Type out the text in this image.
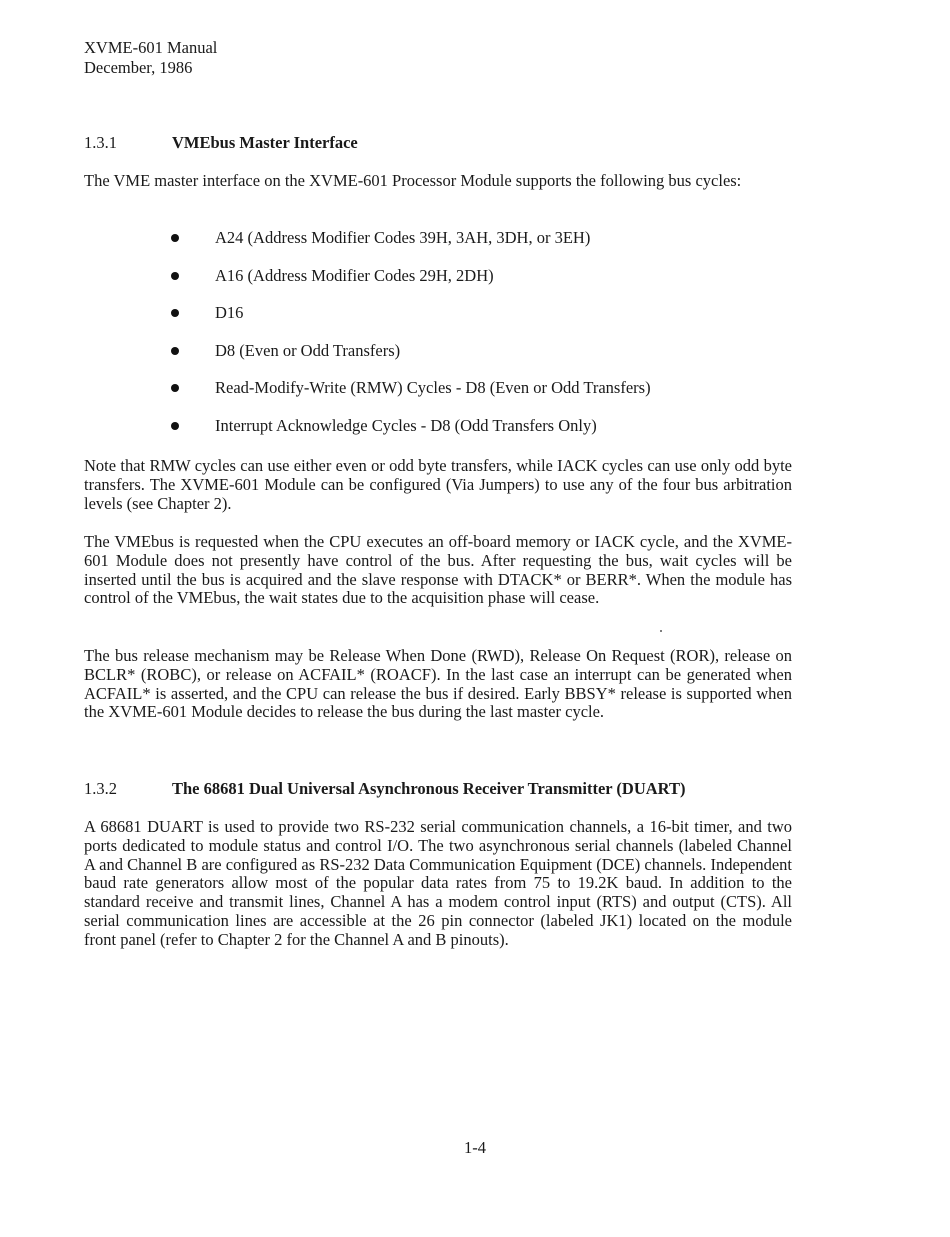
XVME-601 Manual
December, 1986
1.3.1	VMEbus Master Interface
The VME master interface on the XVME-601 Processor Module supports the following bus cycles:
A24 (Address Modifier Codes 39H, 3AH, 3DH, or 3EH)
A16 (Address Modifier Codes 29H, 2DH)
D16
D8 (Even or Odd Transfers)
Read-Modify-Write (RMW) Cycles - D8 (Even or Odd Transfers)
Interrupt Acknowledge Cycles - D8 (Odd Transfers Only)
Note that RMW cycles can use either even or odd byte transfers, while IACK cycles can use only odd byte transfers. The XVME-601 Module can be configured (Via Jumpers) to use any of the four bus arbitration levels (see Chapter 2).
The VMEbus is requested when the CPU executes an off-board memory or IACK cycle, and the XVME-601 Module does not presently have control of the bus. After requesting the bus, wait cycles will be inserted until the bus is acquired and the slave response with DTACK* or BERR*. When the module has control of the VMEbus, the wait states due to the acquisition phase will cease.
The bus release mechanism may be Release When Done (RWD), Release On Request (ROR), release on BCLR* (ROBC), or release on ACFAIL* (ROACF). In the last case an interrupt can be generated when ACFAIL* is asserted, and the CPU can release the bus if desired. Early BBSY* release is supported when the XVME-601 Module decides to release the bus during the last master cycle.
1.3.2	The 68681 Dual Universal Asynchronous Receiver Transmitter (DUART)
A 68681 DUART is used to provide two RS-232 serial communication channels, a 16-bit timer, and two ports dedicated to module status and control I/O. The two asynchronous serial channels (labeled Channel A and Channel B are configured as RS-232 Data Communication Equipment (DCE) channels. Independent baud rate generators allow most of the popular data rates from 75 to 19.2K baud. In addition to the standard receive and transmit lines, Channel A has a modem control input (RTS) and output (CTS). All serial communication lines are accessible at the 26 pin connector (labeled JK1) located on the module front panel (refer to Chapter 2 for the Channel A and B pinouts).
1-4
